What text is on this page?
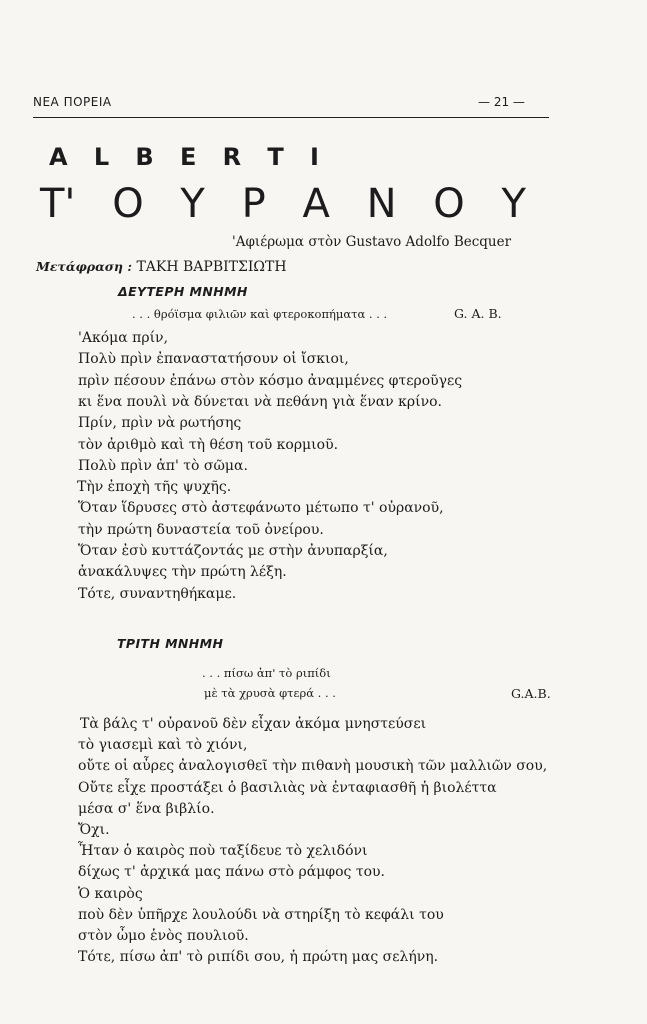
ΝΕΑ ΠΟΡΕΙΑ	— 21 —
A L B E R T I
Τ' Ο Υ Ρ Α Ν Ο Υ
'Αφιέρωμα στὸν Gustavo Adolfo Becquer
Μετάφραση : ΤΑΚΗ ΒΑΡΒΙΤΣΙΩΤΗ
ΔΕΥΤΕΡΗ ΜΝΗΜΗ
. . . θρόϊσμα φιλιῶν καὶ φτεροκοπήματα . . .	G. A. B.
'Ακόμα πρίν,
Πολὺ πρὶν ἐπαναστατήσουν οἱ ἴσκιοι,
πρὶν πέσουν ἐπάνω στὸν κόσμο ἀναμμένες φτεροῦγες
κι ἕνα πουλὶ νὰ δύνεται νὰ πεθάνη γιὰ ἕναν κρίνο.
Πρίν, πρὶν νὰ ρωτήσης
τὸν ἀριθμὸ καὶ τὴ θέση τοῦ κορμιοῦ.
Πολὺ πρὶν ἀπ' τὸ σῶμα.
Τὴν ἐποχὴ τῆς ψυχῆς.
Ὅταν ἵδρυσες στὸ ἀστεφάνωτο μέτωπο τ' οὐρανοῦ,
τὴν πρώτη δυναστεία τοῦ ὀνείρου.
Ὅταν ἐσὺ κυττάζοντάς με στὴν ἀνυπαρξία,
ἀνακάλυψες τὴν πρώτη λέξη.
Τότε, συναντηθήκαμε.
ΤΡΙΤΗ ΜΝΗΜΗ
. . . πίσω ἀπ' τὸ ριπίδι
μὲ τὰ χρυσὰ φτερά . . .	G.A.B.
Τὰ βάλς τ' οὐρανοῦ δὲν εἶχαν ἀκόμα μνηστεύσει
τὸ γιασεμὶ καὶ τὸ χιόνι,
οὔτε οἱ αὖρες ἀναλογισθεῖ τὴν πιθανὴ μουσικὴ τῶν μαλλιῶν σου,
Οὔτε εἶχε προστάξει ὁ βασιλιὰς νὰ ἐνταφιασθῆ ἡ βιολέττα
μέσα σ' ἕνα βιβλίο.
Ὄχι.
Ἦταν ὁ καιρὸς ποὺ ταξίδευε τὸ χελιδόνι
δίχως τ' ἀρχικά μας πάνω στὸ ράμφος του.
Ὁ καιρὸς
ποὺ δὲν ὑπῆρχε λουλούδι νὰ στηρίξη τὸ κεφάλι του
στὸν ὦμο ἑνὸς πουλιοῦ.
Τότε, πίσω ἀπ' τὸ ριπίδι σου, ἡ πρώτη μας σελήνη.
